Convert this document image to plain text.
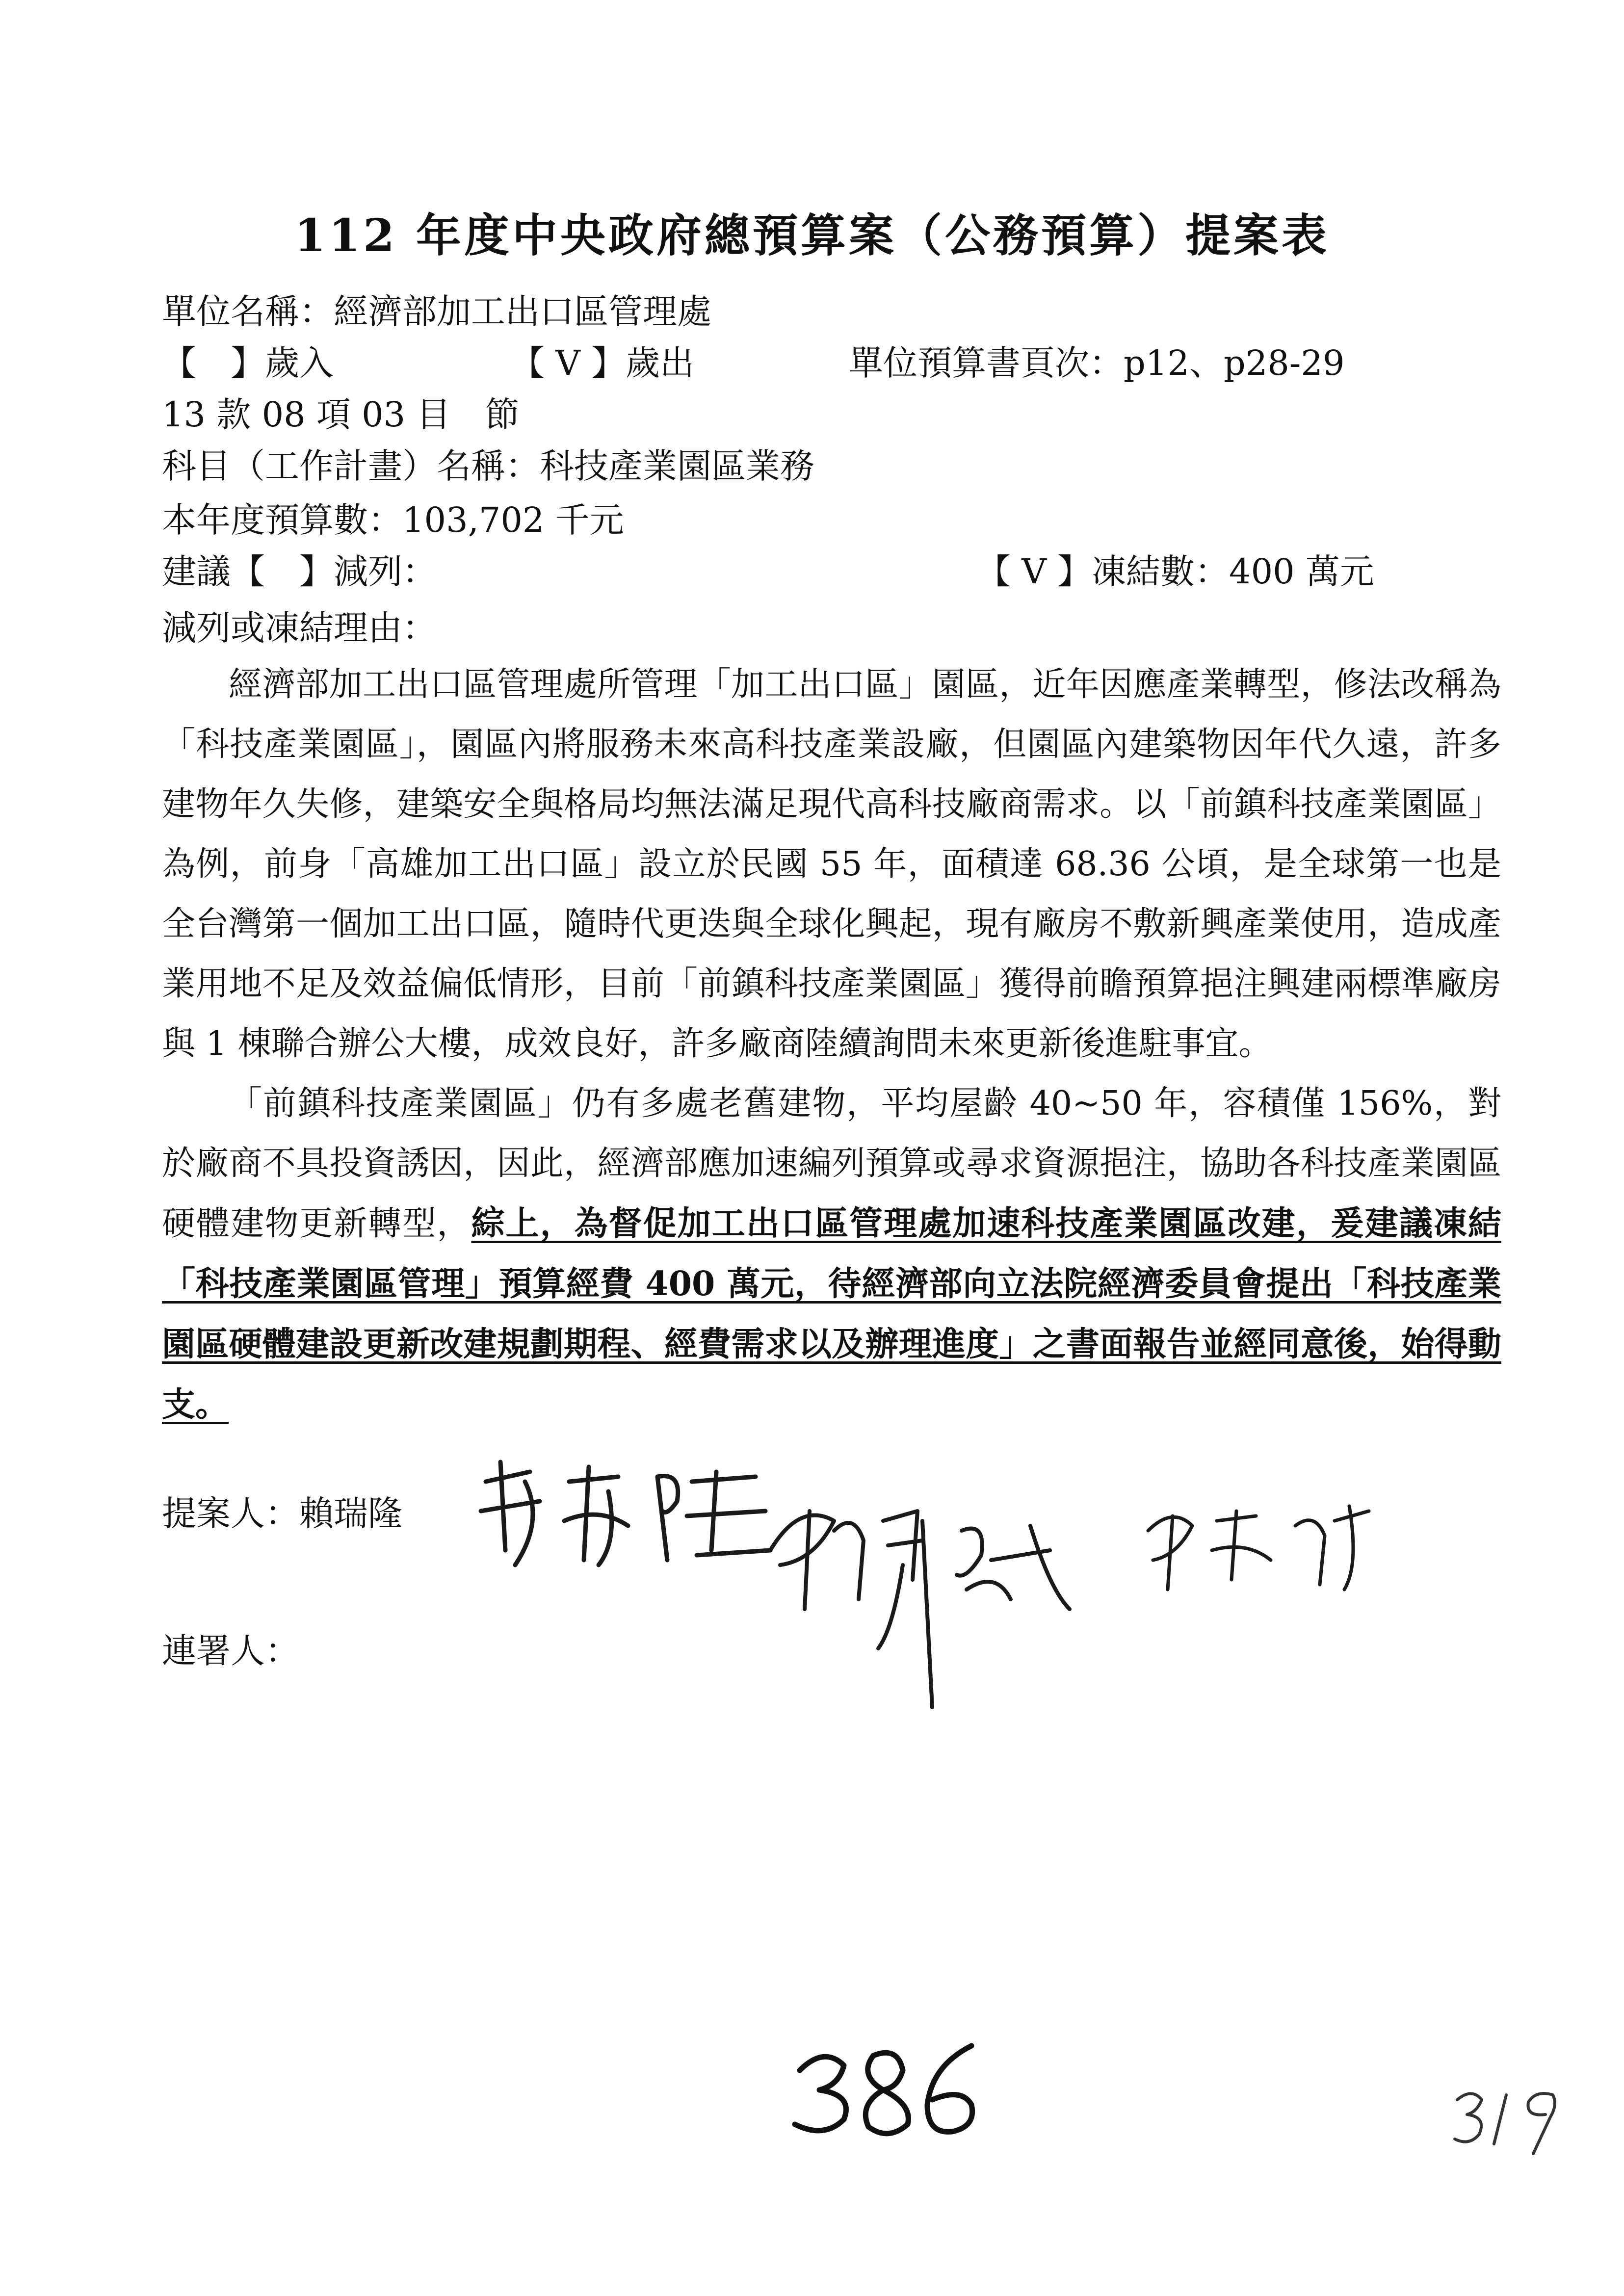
112 年度中央政府總預算案（公務預算）提案表
單位名稱：經濟部加工出口區管理處
【　】歲入	【 V 】歲出	單位預算書頁次：p12、p28-29
13 款 08 項 03 目　節
科目（工作計畫）名稱：科技產業園區業務
本年度預算數：103,702 千元
建議【　】減列：	【 V 】凍結數：400 萬元
減列或凍結理由：

經濟部加工出口區管理處所管理「加工出口區」園區，近年因應產業轉型，修法改稱為「科技產業園區」，園區內將服務未來高科技產業設廠，但園區內建築物因年代久遠，許多建物年久失修，建築安全與格局均無法滿足現代高科技廠商需求。以「前鎮科技產業園區」為例，前身「高雄加工出口區」設立於民國 55 年，面積達 68.36 公頃，是全球第一也是全台灣第一個加工出口區，隨時代更迭與全球化興起，現有廠房不敷新興產業使用，造成產業用地不足及效益偏低情形，目前「前鎮科技產業園區」獲得前瞻預算挹注興建兩標準廠房與 1 棟聯合辦公大樓，成效良好，許多廠商陸續詢問未來更新後進駐事宜。

「前鎮科技產業園區」仍有多處老舊建物，平均屋齡 40~50 年，容積僅 156%，對於廠商不具投資誘因，因此，經濟部應加速編列預算或尋求資源挹注，協助各科技產業園區硬體建物更新轉型，綜上，為督促加工出口區管理處加速科技產業園區改建，爰建議凍結「科技產業園區管理」預算經費 400 萬元，待經濟部向立法院經濟委員會提出「科技產業園區硬體建設更新改建規劃期程、經費需求以及辦理進度」之書面報告並經同意後，始得動支。

提案人：賴瑞隆
連署人：
